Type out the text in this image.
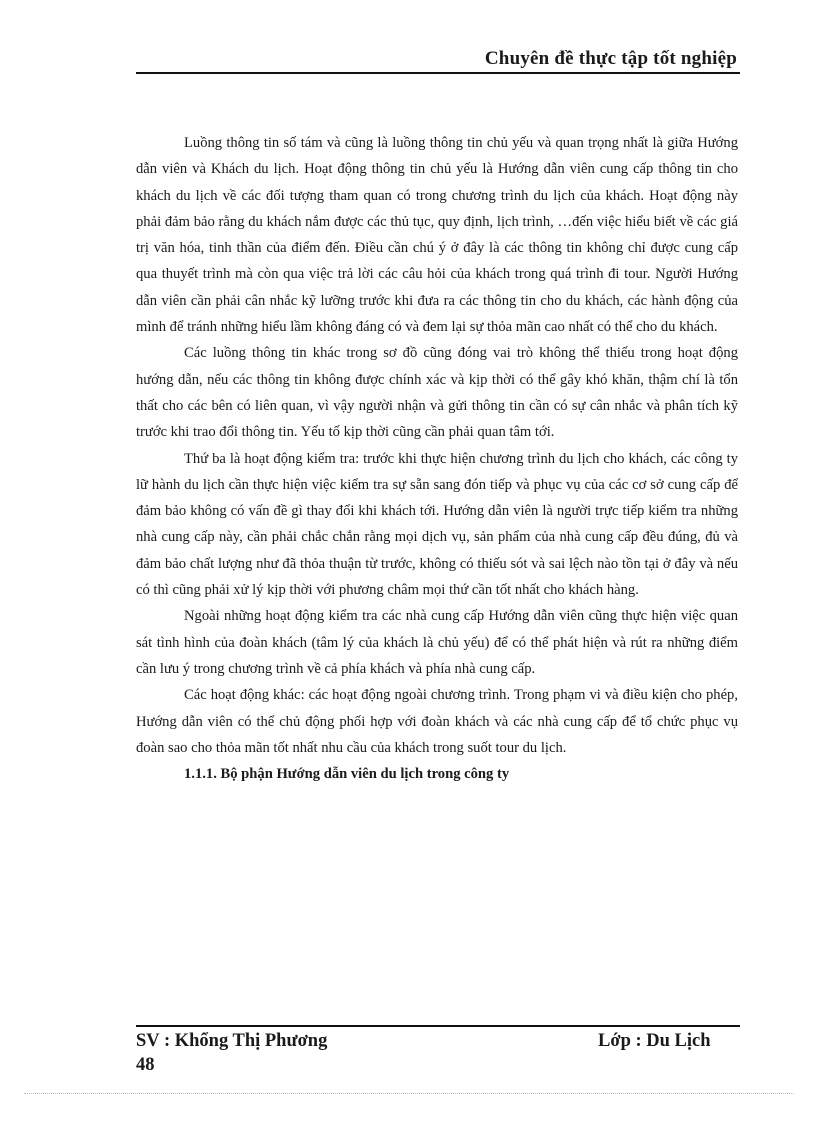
Chuyên đề thực tập tốt nghiệp

Luồng thông tin số tám và cũng là luồng thông tin chủ yếu và quan trọng nhất là giữa Hướng dẫn viên và Khách du lịch. Hoạt động thông tin chủ yếu là Hướng dẫn viên cung cấp thông tin cho khách du lịch về các đối tượng tham quan có trong chương trình du lịch của khách. Hoạt động này phải đảm bảo rằng du khách nắm được các thủ tục, quy định, lịch trình, …đến việc hiểu biết về các giá trị văn hóa, tinh thần của điểm đến. Điều cần chú ý ở đây là các thông tin không chỉ được cung cấp qua thuyết trình mà còn qua việc trả lời các câu hỏi của khách trong quá trình đi tour. Người Hướng dẫn viên cần phải cân nhắc kỹ lưỡng trước khi đưa ra các thông tin cho du khách, các hành động của mình để tránh những hiểu lầm không đáng có và đem lại sự thỏa mãn cao nhất có thể cho du khách.

Các luồng thông tin khác trong sơ đồ cũng đóng vai trò không thể thiếu trong hoạt động hướng dẫn, nếu các thông tin không được chính xác và kịp thời có thể gây khó khăn, thậm chí là tổn thất cho các bên có liên quan, vì vậy người nhận và gửi thông tin cần có sự cân nhắc và phân tích kỹ trước khi trao đổi thông tin. Yếu tố kịp thời cũng cần phải quan tâm tới.

Thứ ba là hoạt động kiểm tra: trước khi thực hiện chương trình du lịch cho khách, các công ty lữ hành du lịch cần thực hiện việc kiểm tra sự sẵn sang đón tiếp và phục vụ của các cơ sở cung cấp để đảm bảo không có vấn đề gì thay đổi khi khách tới. Hướng dẫn viên là người trực tiếp kiểm tra những nhà cung cấp này, cần phải chắc chắn rằng mọi dịch vụ, sản phẩm của nhà cung cấp đều đúng, đủ và đảm bảo chất lượng như đã thỏa thuận từ trước, không có thiếu sót và sai lệch nào tồn tại ở đây và nếu có thì cũng phải xử lý kịp thời với phương châm mọi thứ cần tốt nhất cho khách hàng.

Ngoài những hoạt động kiểm tra các nhà cung cấp Hướng dẫn viên cũng thực hiện việc quan sát tình hình của đoàn khách (tâm lý của khách là chủ yếu) để có thể phát hiện và rút ra những điểm cần lưu ý trong chương trình về cả phía khách và phía nhà cung cấp.

Các hoạt động khác: các hoạt động ngoài chương trình. Trong phạm vi và điều kiện cho phép, Hướng dẫn viên có thể chủ động phối hợp với đoàn khách và các nhà cung cấp để tổ chức phục vụ đoàn sao cho thỏa mãn tốt nhất nhu cầu của khách trong suốt tour du lịch.

1.1.1. Bộ phận Hướng dẫn viên du lịch trong công ty
SV : Khổng Thị Phương	Lớp : Du Lịch
48
